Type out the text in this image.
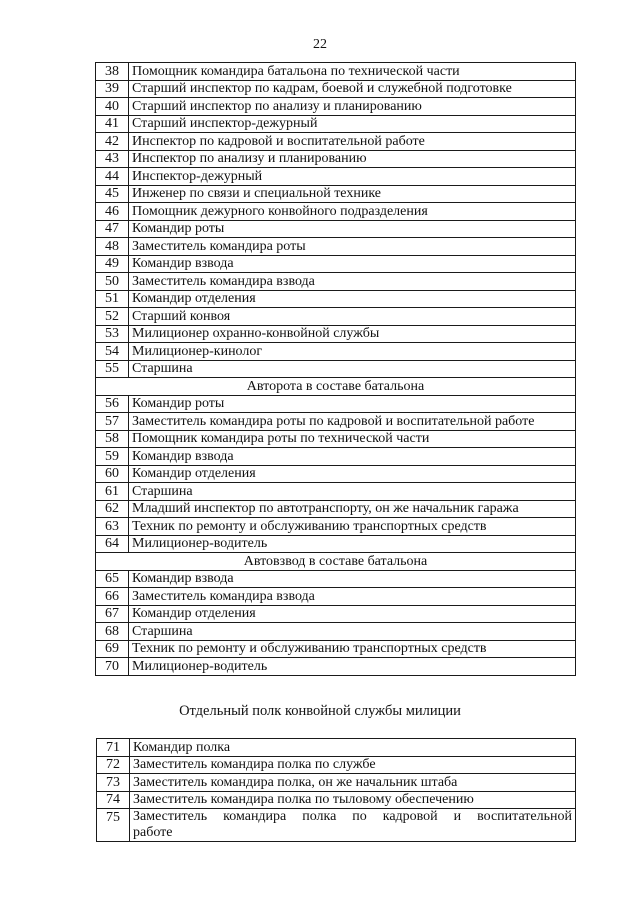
22
38	Помощник командира батальона по технической части
39	Старший инспектор по кадрам, боевой и служебной подготовке
40	Старший инспектор по анализу и планированию
41	Старший инспектор-дежурный
42	Инспектор по кадровой и воспитательной работе
43	Инспектор по анализу и планированию
44	Инспектор-дежурный
45	Инженер по связи и специальной технике
46	Помощник дежурного конвойного подразделения
47	Командир роты
48	Заместитель командира роты
49	Командир взвода
50	Заместитель командира взвода
51	Командир отделения
52	Старший конвоя
53	Милиционер охранно-конвойной службы
54	Милиционер-кинолог
55	Старшина
Авторота в составе батальона	
56	Командир роты
57	Заместитель командира роты по кадровой и воспитательной работе
58	Помощник командира роты по технической части
59	Командир взвода
60	Командир отделения
61	Старшина
62	Младший инспектор по автотранспорту, он же начальник гаража
63	Техник по ремонту и обслуживанию транспортных средств
64	Милиционер-водитель
Автовзвод в составе батальона	
65	Командир взвода
66	Заместитель командира взвода
67	Командир отделения
68	Старшина
69	Техник по ремонту и обслуживанию транспортных средств
70	Милиционер-водитель
Отдельный полк конвойной службы милиции
71	Командир полка
72	Заместитель командира полка по службе
73	Заместитель командира полка, он же начальник штаба
74	Заместитель командира полка по тыловому обеспечению
75	Заместитель командира полка по кадровой и воспитательной
работе
